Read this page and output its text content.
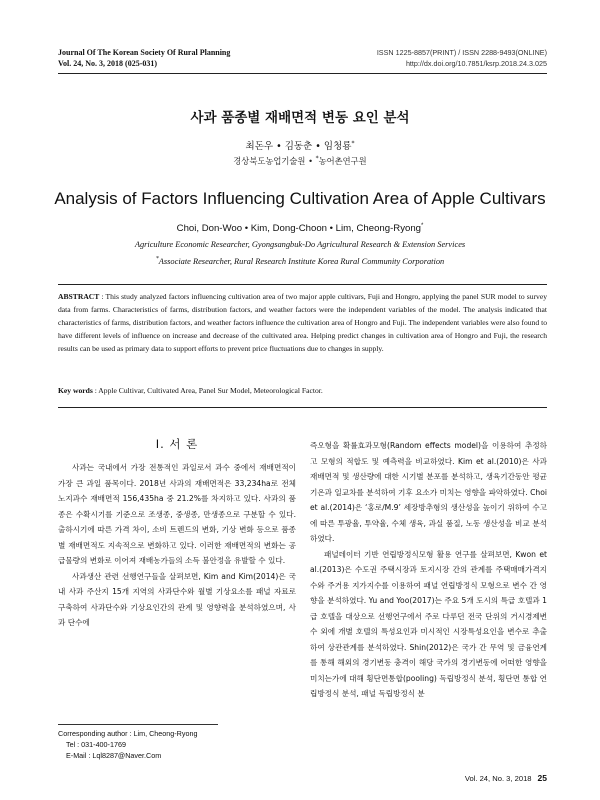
Journal Of The Korean Society Of Rural Planning
Vol. 24, No. 3, 2018 (025-031)
ISSN 1225-8857(PRINT) / ISSN 2288-9493(ONLINE)
http://dx.doi.org/10.7851/ksrp.2018.24.3.025
사과 품종별 재배면적 변동 요인 분석
최돈우 • 김동춘 • 임청룡*
경상북도농업기술원 • *농어촌연구원
Analysis of Factors Influencing Cultivation Area of Apple Cultivars
Choi, Don-Woo • Kim, Dong-Choon • Lim, Cheong-Ryong*
Agriculture Economic Researcher, Gyongsangbuk-Do Agricultural Research & Extension Services
*Associate Researcher, Rural Research Institute Korea Rural Community Corporation
ABSTRACT : This study analyzed factors influencing cultivation area of two major apple cultivars, Fuji and Hongro, applying the panel SUR model to survey data from farms. Characteristics of farms, distribution factors, and weather factors were the independent variables of the model. The analysis indicated that characteristics of farms, distribution factors, and weather factors influence the cultivation area of Hongro and Fuji. The independent variables were also found to have different levels of influence on increase and decrease of the cultivated area. Helping predict changes in cultivation area of Hongro and Fuji, the research results can be used as primary data to support efforts to prevent price fluctuations due to changes in supply.
Key words : Apple Cultivar, Cultivated Area, Panel Sur Model, Meteorological Factor.
Ⅰ. 서 론

사과는 국내에서 가장 전통적인 과일로서 과수 중에서 재배면적이 가장 큰 과일 품목이다. 2018년 사과의 재배면적은 33,234ha로 전체 노지과수 재배면적 156,435ha 중 21.2%를 차지하고 있다. 사과의 품종은 수확시기를 기준으로 조생종, 중생종, 만생종으로 구분할 수 있다. 출하시기에 따른 가격 차이, 소비 트렌드의 변화, 기상 변화 등으로 품종별 재배면적도 지속적으로 변화하고 있다. 이러한 재배면적의 변화는 공급물량의 변화로 이어져 재배농가들의 소득 불안정을 유발할 수 있다.

사과생산 관련 선행연구들을 살펴보면, Kim and Kim(2014)은 국내 사과 주산지 15개 지역의 사과단수와 월별 기상요소를 패널 자료로 구축하여 사과단수와 기상요인간의 관계 및 영향력을 분석하였으며, 사과 단수에

즉오형을 확률효과모형(Random effects model)을 이용하여 추정하고 모형의 적합도 및 예측력을 비교하였다. Kim et al.(2010)은 사과 재배면적 및 생산량에 대한 시기별 분포를 분석하고, 생육기간동안 평균 기온과 일교차를 분석하여 기후 요소가 미치는 영향을 파악하였다. Choi et al.(2014)은 ‘홍로/M.9’ 세장방추형의 생산성을 높이기 위하여 수고에 따른 투광율, 투약율, 수체 생육, 과실 품질, 노동 생산성을 비교 분석하였다.

패널데이터 기반 연립방정식모형 활용 연구를 살펴보면, Kwon et al.(2013)은 수도권 주택시장과 토지시장 간의 관계를 주택매매가격지수와 주거용 지가지수를 이용하여 패널 연립방정식 모형으로 변수 간 영향을 분석하였다. Yu and Yoo(2017)는 주요 5개 도시의 특급 호텔과 1급 호텔을 대상으로 선행연구에서 주로 다루던 전국 단위의 거시경제변수 외에 개별 호텔의 특성요인과 미시적인 시장특성요인을 변수로 추출하여 상관관계를 분석하였다. Shin(2012)은 국가 간 무역 및 금융연계를 통해 해외의 경기변동 충격이 해당 국가의 경기변동에 어떠한 영향을 미치는가에 대해 횡단면통합(pooling) 독립방정식 분석, 횡단면 통합 연립방정식 분석, 패널 독립방정식 분

Corresponding author : Lim, Cheong-Ryong
Tel : 031-400-1769
E-Mail : Lql8287@Naver.Com
Vol. 24, No. 3, 2018 25
